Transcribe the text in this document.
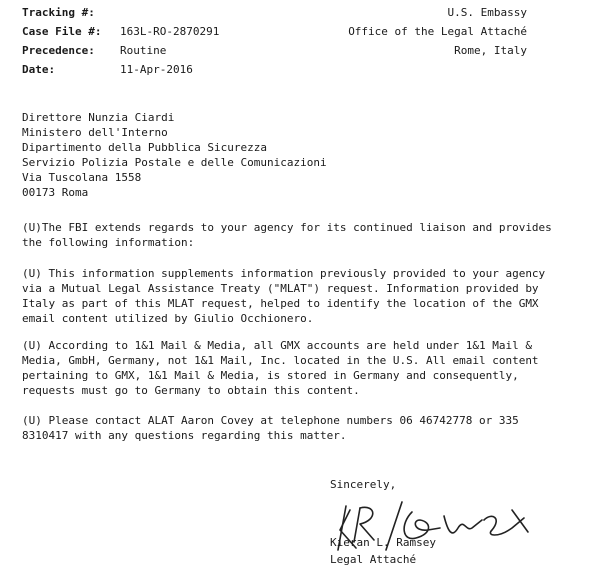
Tracking #:
Case File #: 163L-RO-2870291
Precedence: Routine
Date:	11-Apr-2016
U.S. Embassy
Office of the Legal Attaché
Rome, Italy
Direttore Nunzia Ciardi
Ministero dell'Interno
Dipartimento della Pubblica Sicurezza
Servizio Polizia Postale e delle Comunicazioni
Via Tuscolana 1558
00173 Roma
(U)The FBI extends regards to your agency for its continued liaison and provides the following information:
(U) This information supplements information previously provided to your agency via a Mutual Legal Assistance Treaty ("MLAT") request. Information provided by Italy as part of this MLAT request, helped to identify the location of the GMX email content utilized by Giulio Occhionero.
(U) According to 1&1 Mail & Media, all GMX accounts are held under 1&1 Mail & Media, GmbH, Germany, not 1&1 Mail, Inc. located in the U.S. All email content pertaining to GMX, 1&1 Mail & Media, is stored in Germany and consequently, requests must go to Germany to obtain this content.
(U) Please contact ALAT Aaron Covey at telephone numbers 06 46742778 or 335 8310417 with any questions regarding this matter.
Sincerely,
Kieran L. Ramsey
Legal Attaché
